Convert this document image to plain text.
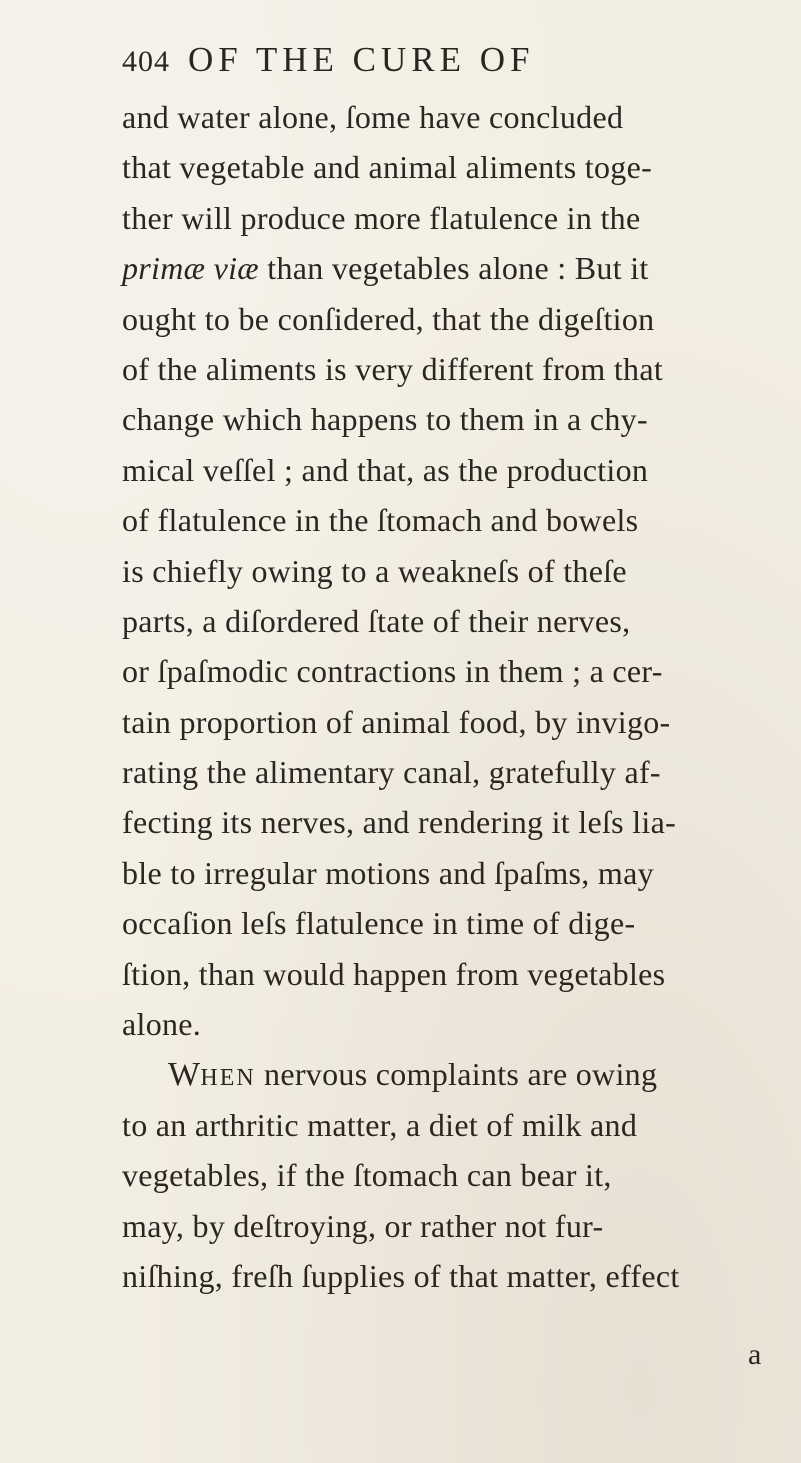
404 OF THE CURE OF
and water alone, ſome have concluded
that vegetable and animal aliments toge-
ther will produce more flatulence in the
primæ viæ than vegetables alone : But it
ought to be conſidered, that the digeſtion
of the aliments is very different from that
change which happens to them in a chy-
mical veſſel ; and that, as the production
of flatulence in the ſtomach and bowels
is chiefly owing to a weakneſs of theſe
parts, a diſordered ſtate of their nerves,
or ſpaſmodic contractions in them ; a cer-
tain proportion of animal food, by invigo-
rating the alimentary canal, gratefully af-
fecting its nerves, and rendering it leſs lia-
ble to irregular motions and ſpaſms, may
occaſion leſs flatulence in time of dige-
ſtion, than would happen from vegetables
alone.
WHEN nervous complaints are owing
to an arthritic matter, a diet of milk and
vegetables, if the ſtomach can bear it,
may, by deſtroying, or rather not fur-
niſhing, freſh ſupplies of that matter, effect
a
